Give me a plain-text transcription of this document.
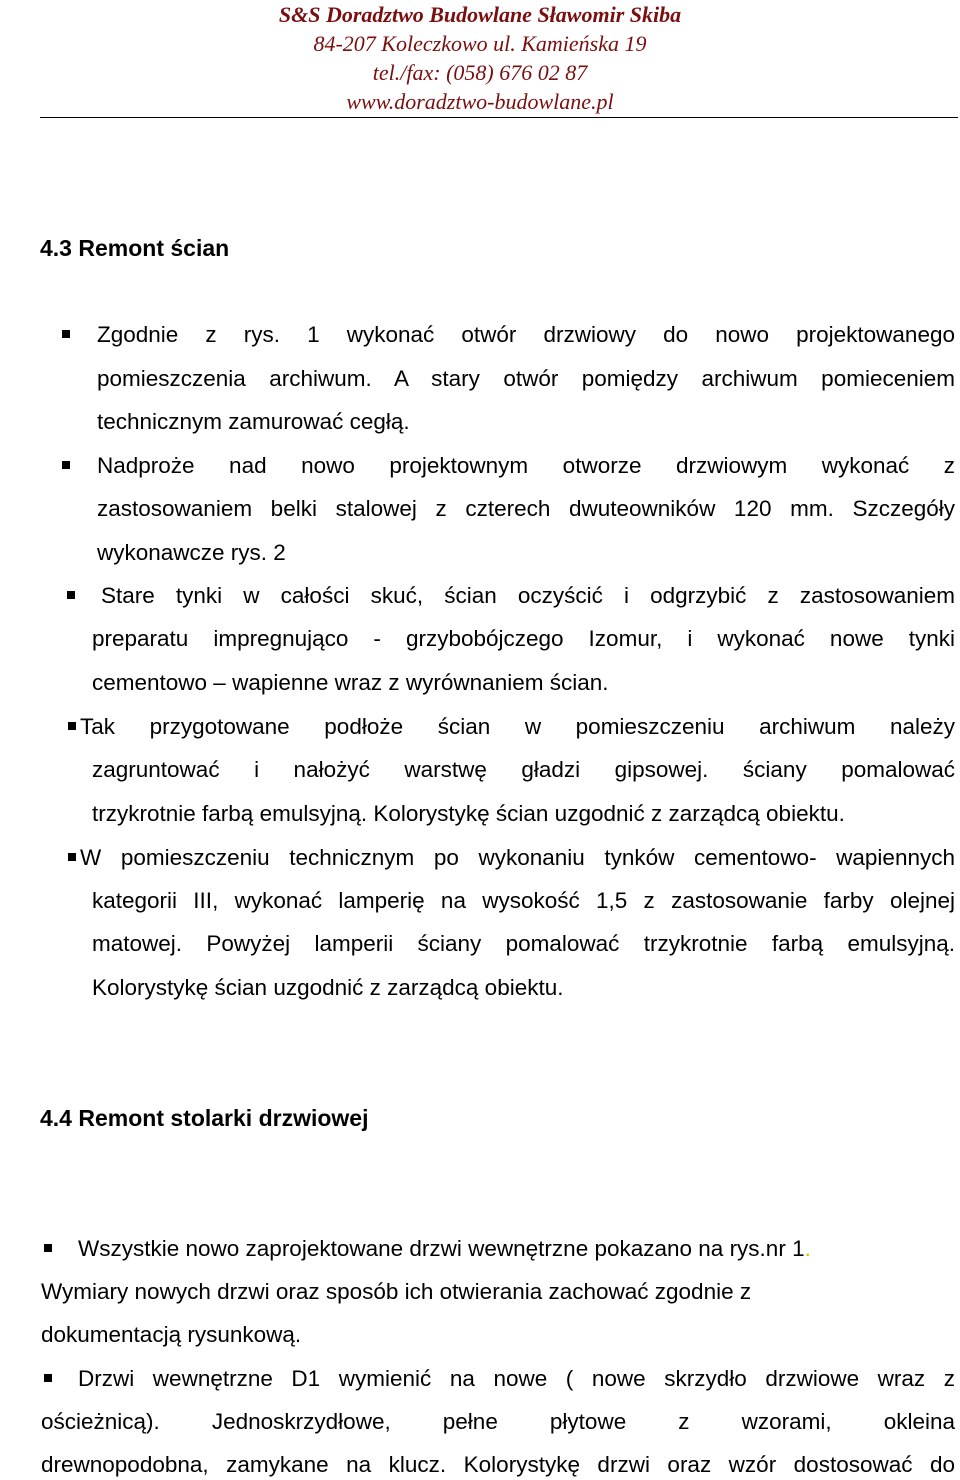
S&S Doradztwo Budowlane Sławomir Skiba
84-207 Koleczkowo ul. Kamieńska 19
tel./fax: (058) 676 02 87
www.doradztwo-budowlane.pl
4.3 Remont ścian
Zgodnie z rys. 1 wykonać otwór drzwiowy do nowo projektowanego
pomieszczenia archiwum. A stary otwór pomiędzy archiwum pomieceniem
technicznym zamurować cegłą.
Nadproże nad nowo projektownym otworze drzwiowym wykonać z
zastosowaniem belki stalowej z czterech dwuteowników 120 mm. Szczegóły
wykonawcze rys. 2
Stare tynki w całości skuć, ścian oczyścić i odgrzybić z zastosowaniem
preparatu impregnująco - grzybobójczego Izomur, i wykonać nowe tynki
cementowo – wapienne wraz z wyrównaniem ścian.
Tak przygotowane podłoże ścian w pomieszczeniu archiwum należy
zagruntować i nałożyć warstwę gładzi gipsowej. ściany pomalować
trzykrotnie farbą emulsyjną. Kolorystykę ścian uzgodnić z zarządcą obiektu.
W pomieszczeniu technicznym po wykonaniu tynków cementowo- wapiennych
kategorii III, wykonać lamperię na wysokość 1,5 z zastosowanie farby olejnej
matowej. Powyżej lamperii ściany pomalować trzykrotnie farbą emulsyjną.
Kolorystykę ścian uzgodnić z zarządcą obiektu.
4.4 Remont stolarki drzwiowej
Wszystkie nowo zaprojektowane drzwi wewnętrzne pokazano na rys.nr 1.
Wymiary nowych drzwi oraz sposób ich otwierania zachować zgodnie z
dokumentacją rysunkową.
Drzwi wewnętrzne D1 wymienić na nowe ( nowe skrzydło drzwiowe wraz z
ościeżnicą). Jednoskrzydłowe, pełne płytowe z wzorami, okleina
drewnopodobna, zamykane na klucz. Kolorystykę drzwi oraz wzór dostosować do
